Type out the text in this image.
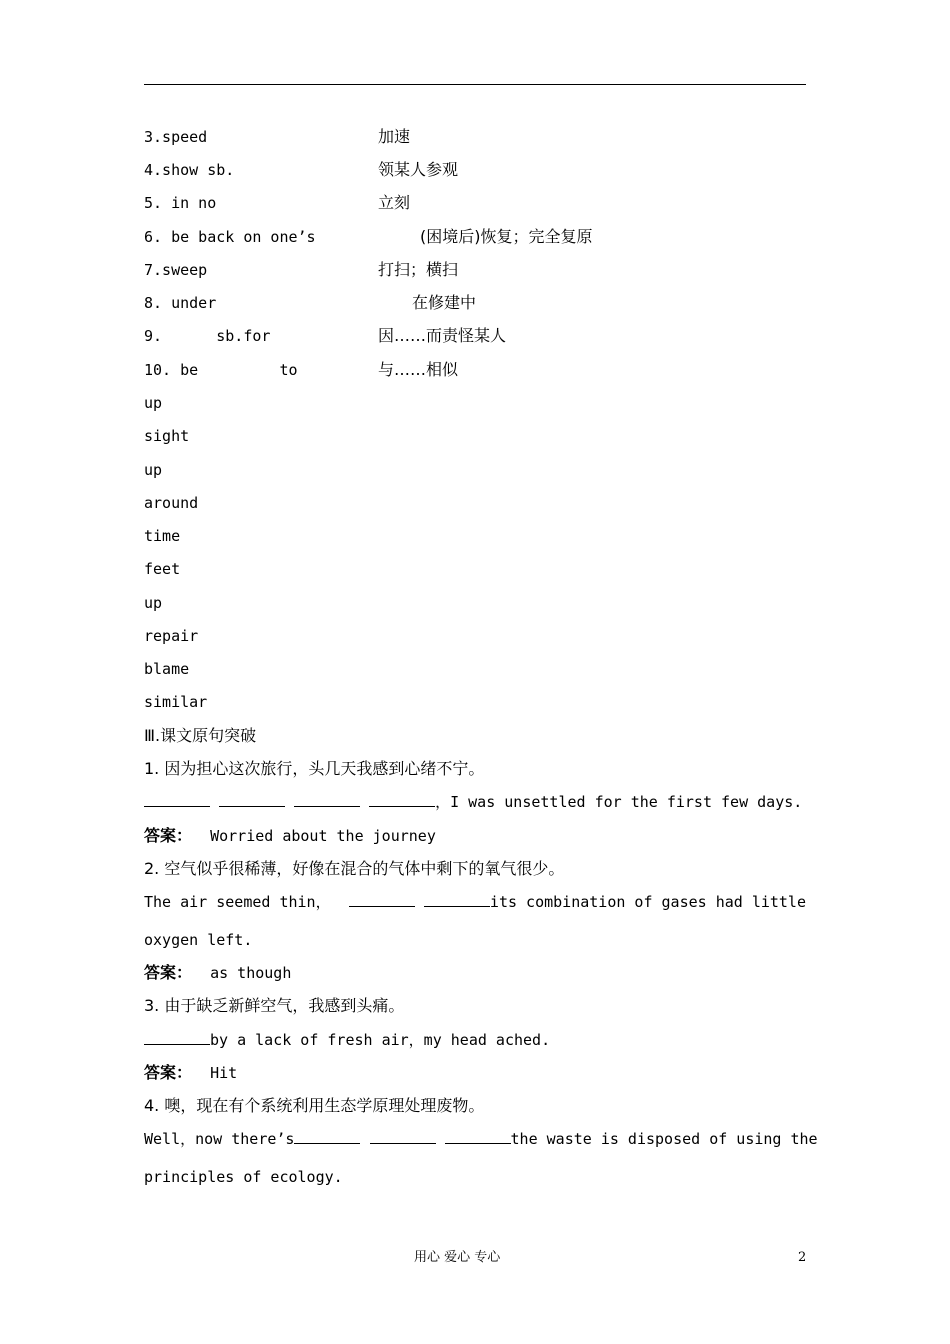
3.speed	加速
4.show sb.	领某人参观
5. in no	立刻
6. be back on one’s	(困境后)恢复；完全复原
7.sweep	打扫；横扫
8. under	在修建中
9.      sb.for	因……而责怪某人
10. be         to	与……相似
up
sight
up
around
time
feet
up
repair
blame
similar
Ⅲ.课文原句突破
1. 因为担心这次旅行，头几天我感到心绪不宁。
，I was unsettled for the first few days.
答案： Worried about the journey
2. 空气似乎很稀薄，好像在混合的气体中剩下的氧气很少。
The air seemed thin，	its combination of gases had little
oxygen left.
答案： as though
3. 由于缺乏新鲜空气，我感到头痛。
by a lack of fresh air，my head ached.
答案： Hit
4. 噢，现在有个系统利用生态学原理处理废物。
Well，now there’s	the waste is disposed of using the
principles of ecology.
用心 爱心 专心	2
